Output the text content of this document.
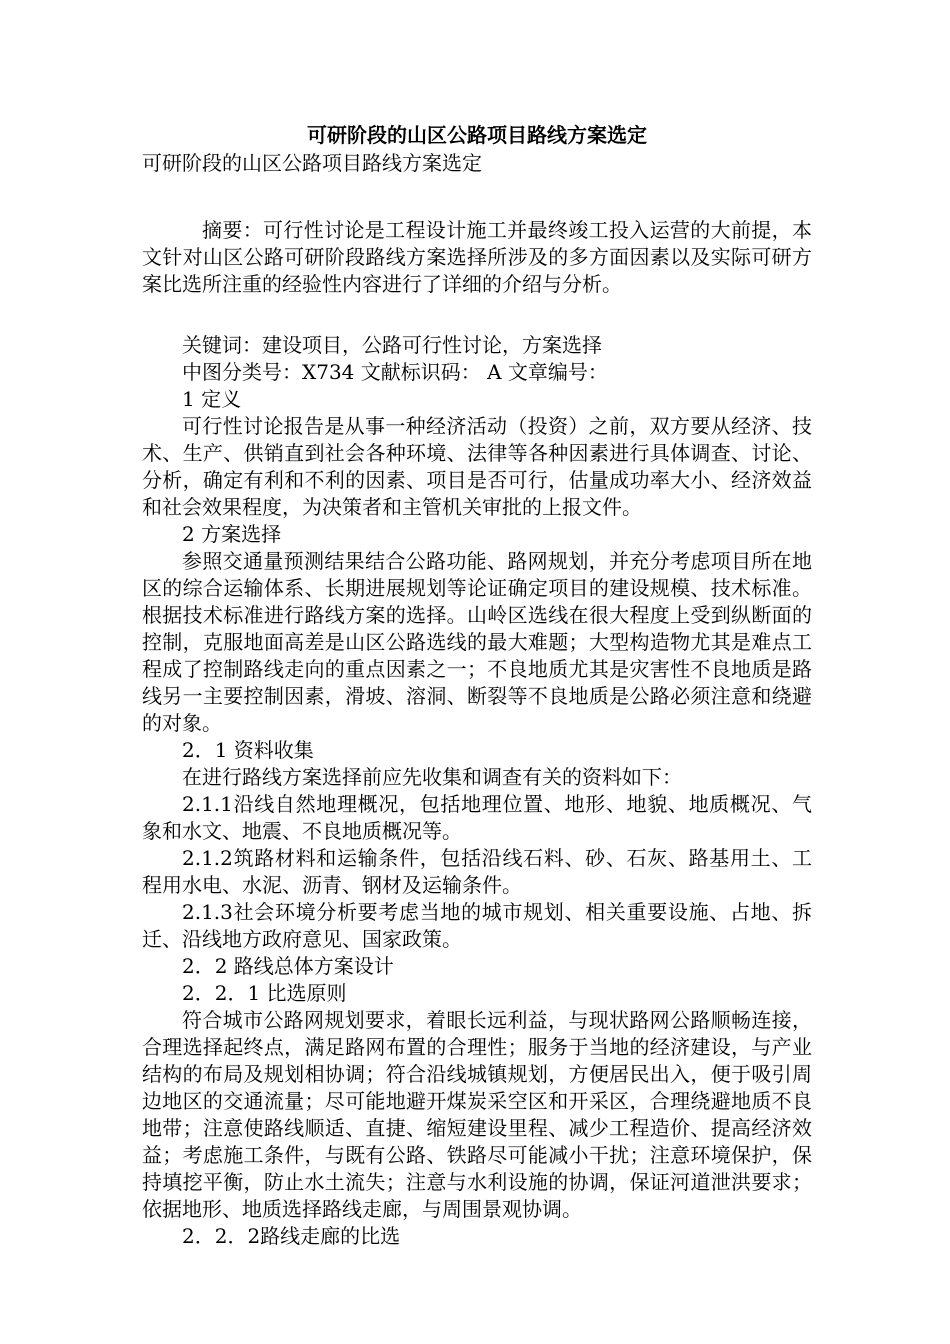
可研阶段的山区公路项目路线方案选定

可研阶段的山区公路项目路线方案选定

摘要：可行性讨论是工程设计施工并最终竣工投入运营的大前提，本文针对山区公路可研阶段路线方案选择所涉及的多方面因素以及实际可研方案比选所注重的经验性内容进行了详细的介绍与分析。

关键词：建设项目，公路可行性讨论，方案选择

中图分类号：X734 文献标识码： A 文章编号：

1 定义

可行性讨论报告是从事一种经济活动（投资）之前，双方要从经济、技术、生产、供销直到社会各种环境、法律等各种因素进行具体调查、讨论、分析，确定有利和不利的因素、项目是否可行，估量成功率大小、经济效益和社会效果程度，为决策者和主管机关审批的上报文件。

2 方案选择

参照交通量预测结果结合公路功能、路网规划，并充分考虑项目所在地区的综合运输体系、长期进展规划等论证确定项目的建设规模、技术标准。根据技术标准进行路线方案的选择。山岭区选线在很大程度上受到纵断面的控制，克服地面高差是山区公路选线的最大难题；大型构造物尤其是难点工程成了控制路线走向的重点因素之一；不良地质尤其是灾害性不良地质是路线另一主要控制因素，滑坡、溶洞、断裂等不良地质是公路必须注意和绕避的对象。

2．1 资料收集

在进行路线方案选择前应先收集和调查有关的资料如下：

2.1.1沿线自然地理概况，包括地理位置、地形、地貌、地质概况、气象和水文、地震、不良地质概况等。

2.1.2筑路材料和运输条件，包括沿线石料、砂、石灰、路基用土、工程用水电、水泥、沥青、钢材及运输条件。

2.1.3社会环境分析要考虑当地的城市规划、相关重要设施、占地、拆迁、沿线地方政府意见、国家政策。

2．2 路线总体方案设计

2．2．1 比选原则

符合城市公路网规划要求，着眼长远利益，与现状路网公路顺畅连接，合理选择起终点，满足路网布置的合理性；服务于当地的经济建设，与产业结构的布局及规划相协调；符合沿线城镇规划，方便居民出入，便于吸引周边地区的交通流量；尽可能地避开煤炭采空区和开采区，合理绕避地质不良地带；注意使路线顺适、直捷、缩短建设里程、减少工程造价、提高经济效益；考虑施工条件，与既有公路、铁路尽可能减小干扰；注意环境保护，保持填挖平衡，防止水土流失；注意与水利设施的协调，保证河道泄洪要求；依据地形、地质选择路线走廊，与周围景观协调。

2．2．2路线走廊的比选
